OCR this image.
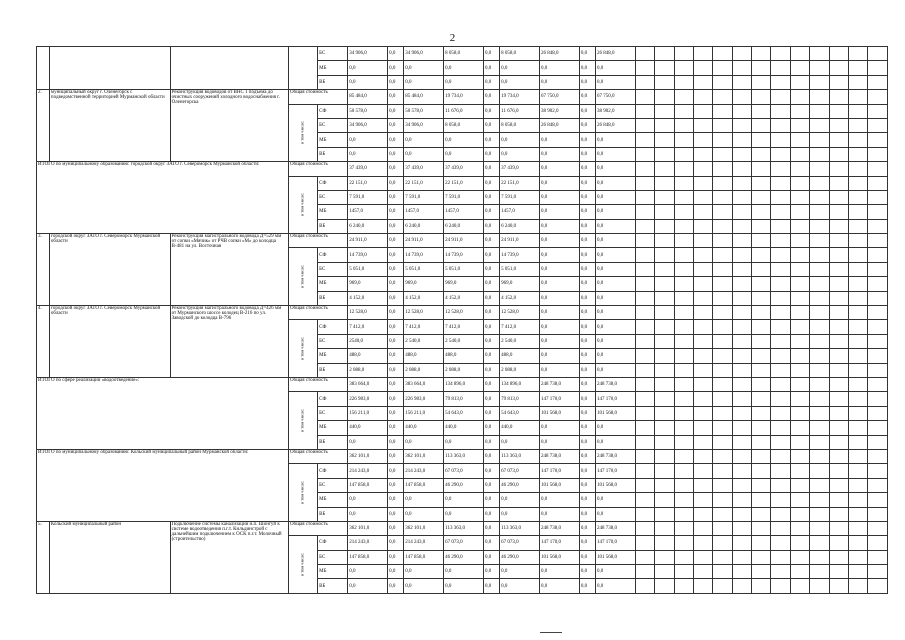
2
				БС	34 906,0	0,0	34 906,0	8 058,0	0,0	8 058,0	26 848,0	0,0	26 848,0													
				МБ	0,0	0,0	0,0	0,0	0,0	0,0	0,0	0,0	0,0													
				ВБ	0,0	0,0	0,0	0,0	0,0	0,0	0,0	0,0	0,0													
2.	муниципальный округ г. Оленегорск с подведомственной территорией Мурманской области	Реконструкция водоводов от ВНС 1 подъема до очистных сооружений холодного водоснабжения г. Оленегорска	Общая стоимость		85 484,0	0,0	85 484,0	19 734,0	0,0	19 734,0	67 750,0	0,0	67 750,0													
			в том числе:	СФ	50 578,0	0,0	50 578,0	11 676,0	0,0	11 676,0	38 902,0	0,0	38 902,0													
				БС	34 906,0	0,0	34 906,0	8 058,0	0,0	8 058,0	26 848,0	0,0	26 848,0													
				МБ	0,0	0,0	0,0	0,0	0,0	0,0	0,0	0,0	0,0													
				ВБ	0,0	0,0	0,0	0,0	0,0	0,0	0,0	0,0	0,0													
ИТОГО по муниципальному образованию: городской округ ЗАТО г. Североморск Мурманской области:			Общая стоимость		37 439,0	0,0	37 439,0	37 439,0	0,0	37 439,0	0,0	0,0	0,0													
			в том числе:	СФ	22 151,0	0,0	22 151,0	22 151,0	0,0	22 151,0	0,0	0,0	0,0													
				БС	7 591,0	0,0	7 591,0	7 591,0	0,0	7 591,0	0,0	0,0	0,0													
				МБ	1457,0	0,0	1457,0	1457,0	0,0	1457,0	0,0	0,0	0,0													
				ВБ	6 240,0	0,0	6 240,0	6 240,0	0,0	6 240,0	0,0	0,0	0,0													
3.	городской округ ЗАТО г. Североморск Мурманской области	Реконструкция магистрального водовода Д=529 мм от сопки «Мячик» от РЧВ сопки «М» до колодца В-481 на ул. Восточная	Общая стоимость		24 911,0	0,0	24 911,0	24 911,0	0,0	24 911,0	0,0	0,0	0,0													
			в том числе:	СФ	14 739,0	0,0	14 739,0	14 739,0	0,0	14 739,0	0,0	0,0	0,0													
				БС	5 051,0	0,0	5 051,0	5 051,0	0,0	5 051,0	0,0	0,0	0,0													
				МБ	969,0	0,0	969,0	969,0	0,0	969,0	0,0	0,0	0,0													
				ВБ	4 152,0	0,0	4 152,0	4 152,0	0,0	4 152,0	0,0	0,0	0,0													
4.	городской округ ЗАТО г. Североморск Мурманской области	Реконструкция магистрального водовода Д=426 мм от Мурманского шоссе колодец В-216 по ул. Заводской до колодца В-796	Общая стоимость		12 528,0	0,0	12 528,0	12 528,0	0,0	12 528,0	0,0	0,0	0,0													
			в том числе:	СФ	7 412,0	0,0	7 412,0	7 412,0	0,0	7 412,0	0,0	0,0	0,0													
				БС	2540,0	0,0	2 540,0	2 540,0	0,0	2 540,0	0,0	0,0	0,0													
				МБ	488,0	0,0	488,0	488,0	0,0	488,0	0,0	0,0	0,0													
				ВБ	2 088,0	0,0	2 088,0	2 088,0	0,0	2 088,0	0,0	0,0	0,0													
ИТОГО по сфере реализации «водоотведение»:			Общая стоимость		383 664,0	0,0	383 664,0	134 896,0	0,0	134 896,0	248 738,0	0,0	248 738,0													
			в том числе:	СФ	226 983,0	0,0	226 983,0	79 813,0	0,0	79 813,0	147 170,0	0,0	147 170,0													
				БС	156 211,0	0,0	156 211,0	54 643,0	0,0	54 643,0	101 568,0	0,0	101 568,0													
				МБ	440,0	0,0	440,0	440,0	0,0	440,0	0,0	0,0	0,0													
				ВБ	0,0	0,0	0,0	0,0	0,0	0,0	0,0	0,0	0,0													
ИТОГО по муниципальному образованию: Кольский муниципальный район Мурманской области:			Общая стоимость		362 101,0	0,0	362 101,0	113 363,0	0,0	113 363,0	248 738,0	0,0	248 738,0													
			в том числе:	СФ	214 243,0	0,0	214 243,0	67 073,0	0,0	67 073,0	147 170,0	0,0	147 170,0													
				БС	147 858,0	0,0	147 858,0	46 290,0	0,0	46 290,0	101 568,0	0,0	101 568,0													
				МБ	0,0	0,0	0,0	0,0	0,0	0,0	0,0	0,0	0,0													
				ВБ	0,0	0,0	0,0	0,0	0,0	0,0	0,0	0,0	0,0													
5.	Кольский муниципальный район	Подключение системы канализации н.п. Шонгуй к системе водоотведения п.г.т. Кильдинстрой с дальнейшим подключением к ОСК п.г.т. Молочный (строительство)	Общая стоимость		362 101,0	0,0	362 101,0	113 363,0	0,0	113 363,0	248 738,0	0,0	248 738,0													
			в том числе:	СФ	214 243,0	0,0	214 243,0	67 073,0	0,0	67 073,0	147 170,0	0,0	147 170,0													
				БС	147 858,0	0,0	147 858,0	46 290,0	0,0	46 290,0	101 568,0	0,0	101 568,0													
				МБ	0,0	0,0	0,0	0,0	0,0	0,0	0,0	0,0	0,0													
				ВБ	0,0	0,0	0,0	0,0	0,0	0,0	0,0	0,0	0,0													
